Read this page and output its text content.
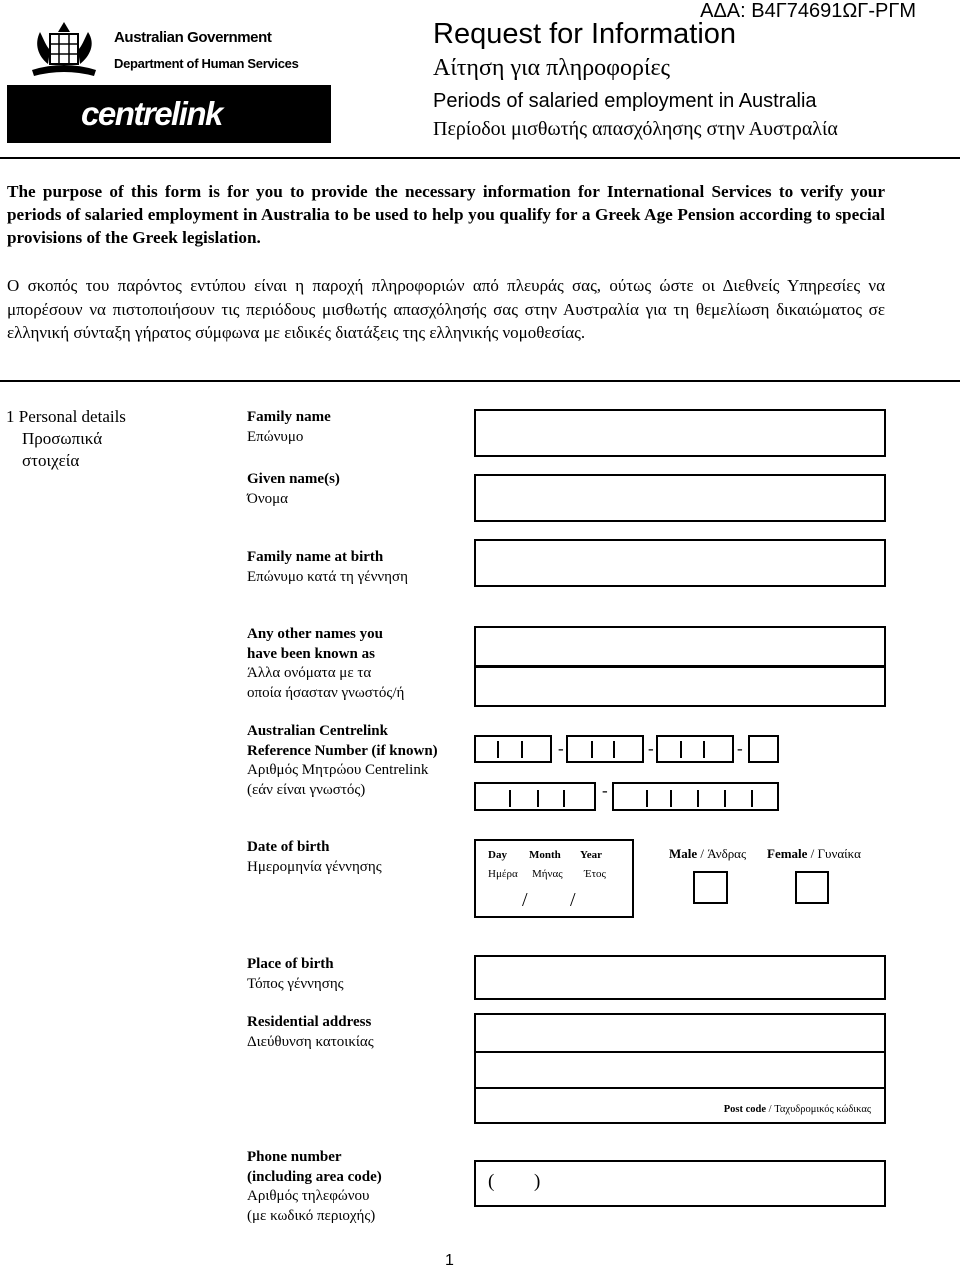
ΑΔΑ: Β4Γ74691ΩΓ-ΡΓΜ
Australian Government
Department of Human Services
centrelink
Request for Information
Αίτηση για πληροφορίες
Periods of salaried employment in Australia
Περίοδοι μισθωτής απασχόλησης στην Αυστραλία
The purpose of this form is for you to provide the necessary information for International Services to verify your periods of salaried employment in Australia to be used to help you qualify for a Greek Age Pension according to special provisions of the Greek legislation.
Ο σκοπός του παρόντος εντύπου είναι η παροχή πληροφοριών από πλευράς σας, ούτως ώστε οι Διεθνείς Υπηρεσίες να μπορέσουν να πιστοποιήσουν τις περιόδους μισθωτής απασχόλησής σας στην Αυστραλία για τη θεμελίωση δικαιώματος σε ελληνική σύνταξη γήρατος σύμφωνα με ειδικές διατάξεις της ελληνικής νομοθεσίας.
1 Personal details
Προσωπικά
στοιχεία
Family name
Επώνυμο
Given name(s)
Όνομα
Family name at birth
Επώνυμο κατά τη γέννηση
Any other names you
have been known as
Άλλα ονόματα με τα
οποία ήσασταν γνωστός/ή
Australian Centrelink
Reference Number (if known)
Αριθμός Μητρώου Centrelink
(εάν είναι γνωστός)
-	-	-
-
Date of birth
Ημερομηνία γέννησης
Day Month Year
Ημέρα Μήνας Έτος
/ /
Male / Άνδρας Female / Γυναίκα
Place of birth
Τόπος γέννησης
Residential address
Διεύθυνση κατοικίας
Post code / Ταχυδρομικός κώδικας
Phone number
(including area code)
Αριθμός τηλεφώνου
(με κωδικό περιοχής)
( )
1
